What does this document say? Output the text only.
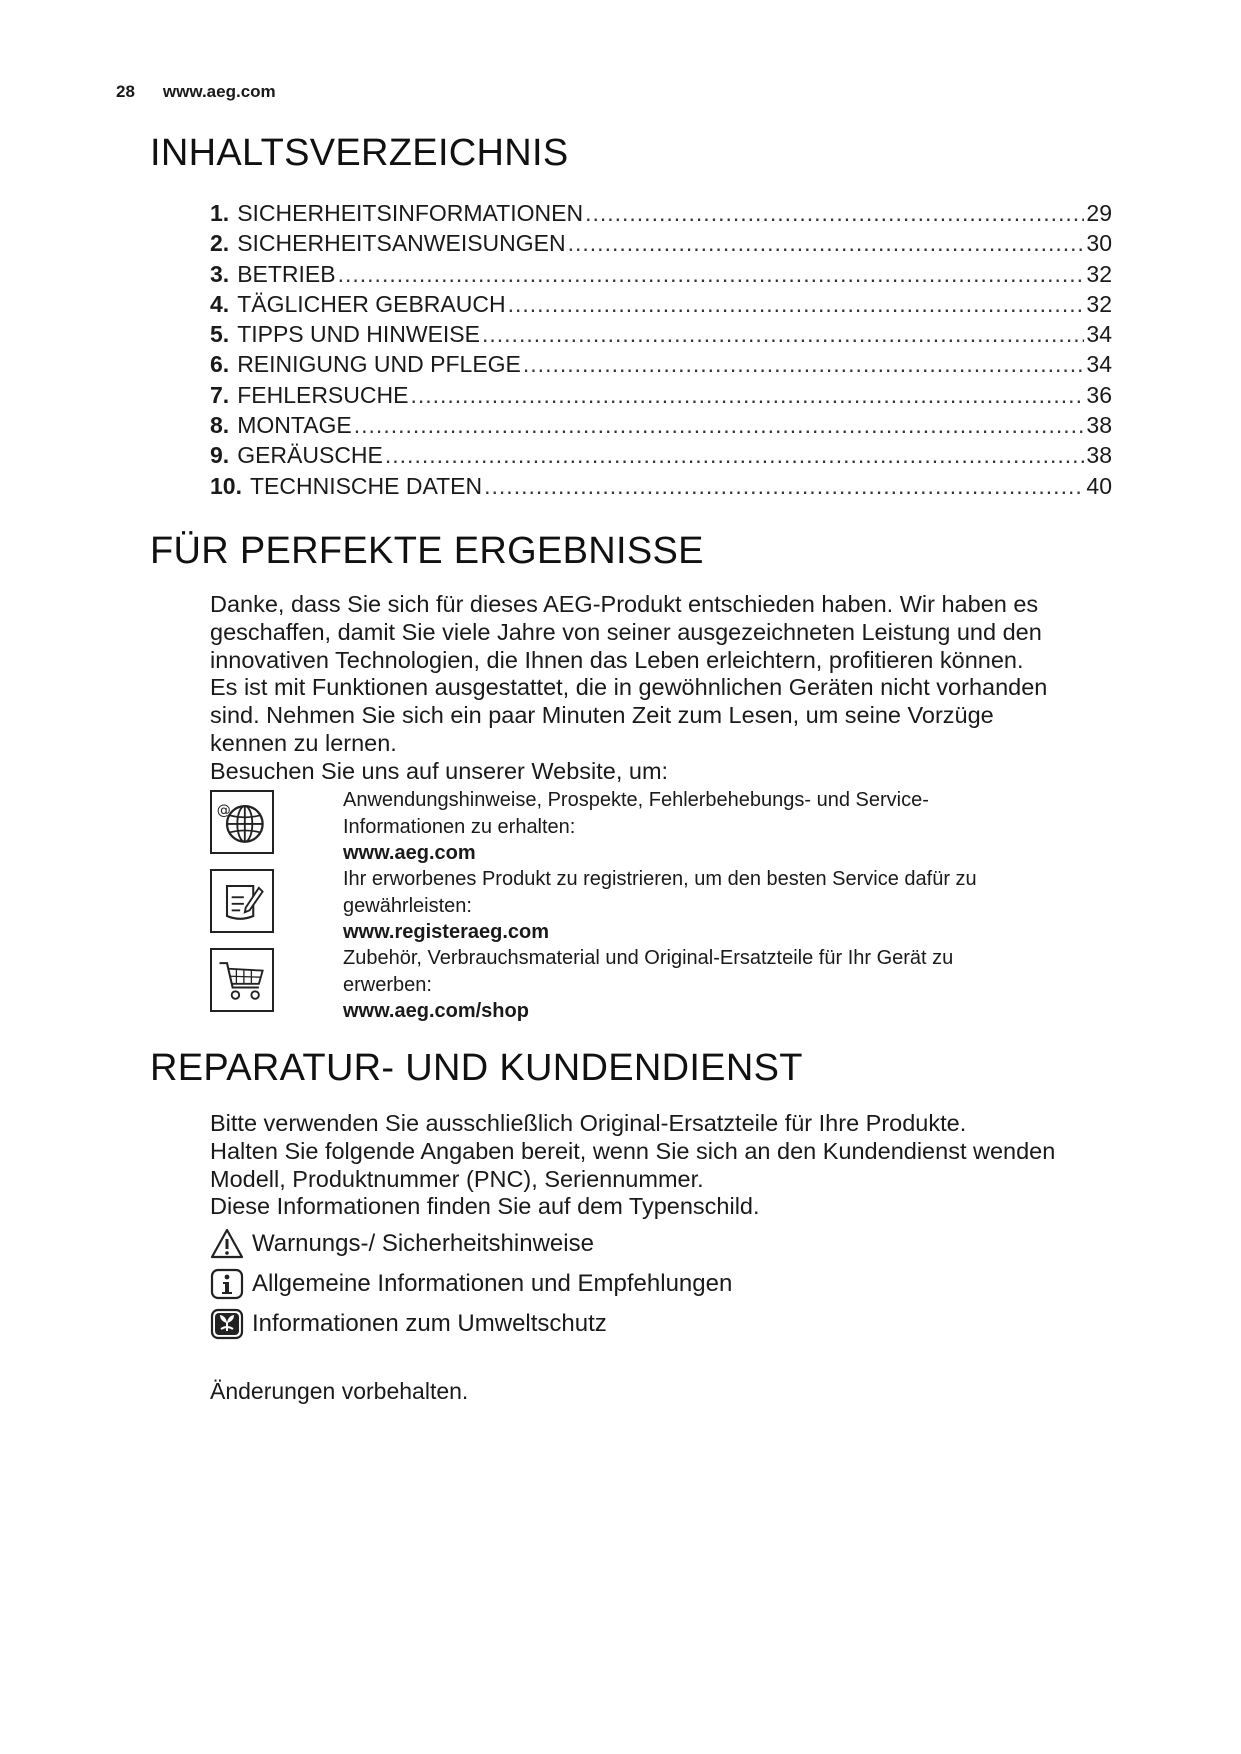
28 www.aeg.com
INHALTSVERZEICHNIS
1. SICHERHEITSINFORMATIONEN .....	29
2. SICHERHEITSANWEISUNGEN .....	30
3. BETRIEB .....	32
4. TÄGLICHER GEBRAUCH .....	32
5. TIPPS UND HINWEISE .....	34
6. REINIGUNG UND PFLEGE .....	34
7. FEHLERSUCHE .....	36
8. MONTAGE .....	38
9. GERÄUSCHE .....	38
10. TECHNISCHE DATEN .....	40
FÜR PERFEKTE ERGEBNISSE

Danke, dass Sie sich für dieses AEG-Produkt entschieden haben. Wir haben es

geschaffen, damit Sie viele Jahre von seiner ausgezeichneten Leistung und den

innovativen Technologien, die Ihnen das Leben erleichtern, profitieren können.

Es ist mit Funktionen ausgestattet, die in gewöhnlichen Geräten nicht vorhanden

sind. Nehmen Sie sich ein paar Minuten Zeit zum Lesen, um seine Vorzüge

kennen zu lernen.

Besuchen Sie uns auf unserer Website, um:

@	Anwendungshinweise, Prospekte, Fehlerbehebungs- und Service-
Informationen zu erhalten:
www.aeg.com
Ihr erworbenes Produkt zu registrieren, um den besten Service dafür zu
gewährleisten:
www.registeraeg.com
Zubehör, Verbrauchsmaterial und Original-Ersatzteile für Ihr Gerät zu
erwerben:
www.aeg.com/shop
REPARATUR- UND KUNDENDIENST

Bitte verwenden Sie ausschließlich Original-Ersatzteile für Ihre Produkte.

Halten Sie folgende Angaben bereit, wenn Sie sich an den Kundendienst wenden

Modell, Produktnummer (PNC), Seriennummer.

Diese Informationen finden Sie auf dem Typenschild.

Warnungs-/ Sicherheitshinweise
Allgemeine Informationen und Empfehlungen
Informationen zum Umweltschutz
Änderungen vorbehalten.
